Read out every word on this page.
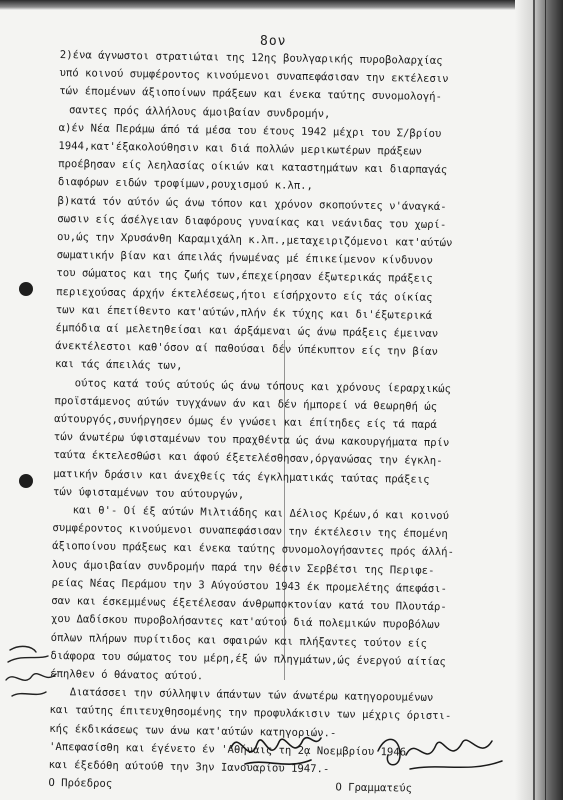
8ον
2)ένα άγνωστοι στρατιώται της 12ης βουλγαρικής πυροβολαρχίας
υπό κοινού συμφέροντος κινούμενοι συναπεφάσισαν την εκτέλεσιν
τών έπομένων άξιοποίνων πράξεων και ένεκα ταύτης συνομολογή-
σαντες πρός άλλήλους άμοιβαίαν συνδρομήν,
α)έν Νέα Περάμω άπό τά μέσα του έτους 1942 μέχρι του Σ/βρίου
1944,κατ'έξακολούθησιν και διά πολλών μερικωτέρων πράξεων
προέβησαν είς λεηλασίας οίκιών και καταστημάτων και διαρπαγάς
διαφόρων ειδών τροφίμων,ρουχισμού κ.λπ.,
β)κατά τόν αύτόν ώς άνω τόπον και χρόνον σκοπούντες ν'άναγκά-
σωσιν είς άσέλγειαν διαφόρους γυναίκας και νεάνιδας του χωρί-
ου,ώς την Χρυσάνθη Καραμιχάλη κ.λπ.,μεταχειριζόμενοι κατ'αύτών
σωματικήν βίαν και άπειλάς ήνωμένας μέ έπικείμενον κίνδυνον
του σώματος και της ζωής των,έπεχείρησαν έξωτερικάς πράξεις
περιεχούσας άρχήν έκτελέσεως,ήτοι είσήρχοντο είς τάς οίκίας
των και έπετίθεντο κατ'αύτών,πλήν έκ τύχης και δι'έξωτερικά
έμπόδια αί μελετηθείσαι και άρξάμεναι ώς άνω πράξεις έμειναν
άνεκτέλεστοι καθ'όσον αί παθούσαι δέν ύπέκυπτον είς την βίαν
και τάς άπειλάς των,
ούτος κατά τούς αύτούς ώς άνω τόπους και χρόνους ίεραρχικώς
προϊστάμενος αύτών τυγχάνων άν και δέν ήμπορεί νά θεωρηθή ώς
αύτουργός,συνήργησεν όμως έν γνώσει και έπίτηδες είς τά παρά
τών άνωτέρω ύφισταμένων του πραχθέντα ώς άνω κακουργήματα πρίν
ταύτα έκτελεσθώσι και άφού έξετελέσθησαν,όργανώσας την έγκλη-
ματικήν δράσιν και άνεχθείς τάς έγκληματικάς ταύτας πράξεις
τών ύφισταμένων του αύτουργών,
και θ'- Οί έξ αύτών Μιλτιάδης και Δέλιος Κρέων,ό και κοινού
συμφέροντος κινούμενοι συναπεφάσισαν την έκτέλεσιν της έπομένη
άξιοποίνου πράξεως και ένεκα ταύτης συνομολογήσαντες πρός άλλή-
λους άμοιβαίαν συνδρομήν παρά την θέσιν Σερβέτσι της Περιφε-
ρείας Νέας Περάμου την 3 Αύγούστου 1943 έκ προμελέτης άπεφάσι-
σαν και έσκεμμένως έξετέλεσαν άνθρωποκτονίαν κατά του Πλουτάρ-
χου Δαδίσκου πυροβολήσαντες κατ'αύτού διά πολεμικών πυροβόλων
όπλων πλήρων πυρίτιδος και σφαιρών και πλήξαντες τούτον είς
διάφορα του σώματος του μέρη,έξ ών πληγμάτων,ώς ένεργού αίτίας
έπηλθεν ό θάνατος αύτού.
Διατάσσει την σύλληψιν άπάντων τών άνωτέρω κατηγορουμένων
και ταύτης έπιτευχθησομένης την προφυλάκισιν των μέχρις όριστι-
κής έκδικάσεως των άνω κατ'αύτών κατηγοριών.-
'Απεφασίσθη και έγένετο έν 'Αθήναις τη 2ᾳ Νοεμβρίου 1946
και έξεδόθη αύτούθ την 3ην Ιανουαρίου 1947.-
Ο Πρόεδρος                                   Ο Γραμματεύς
